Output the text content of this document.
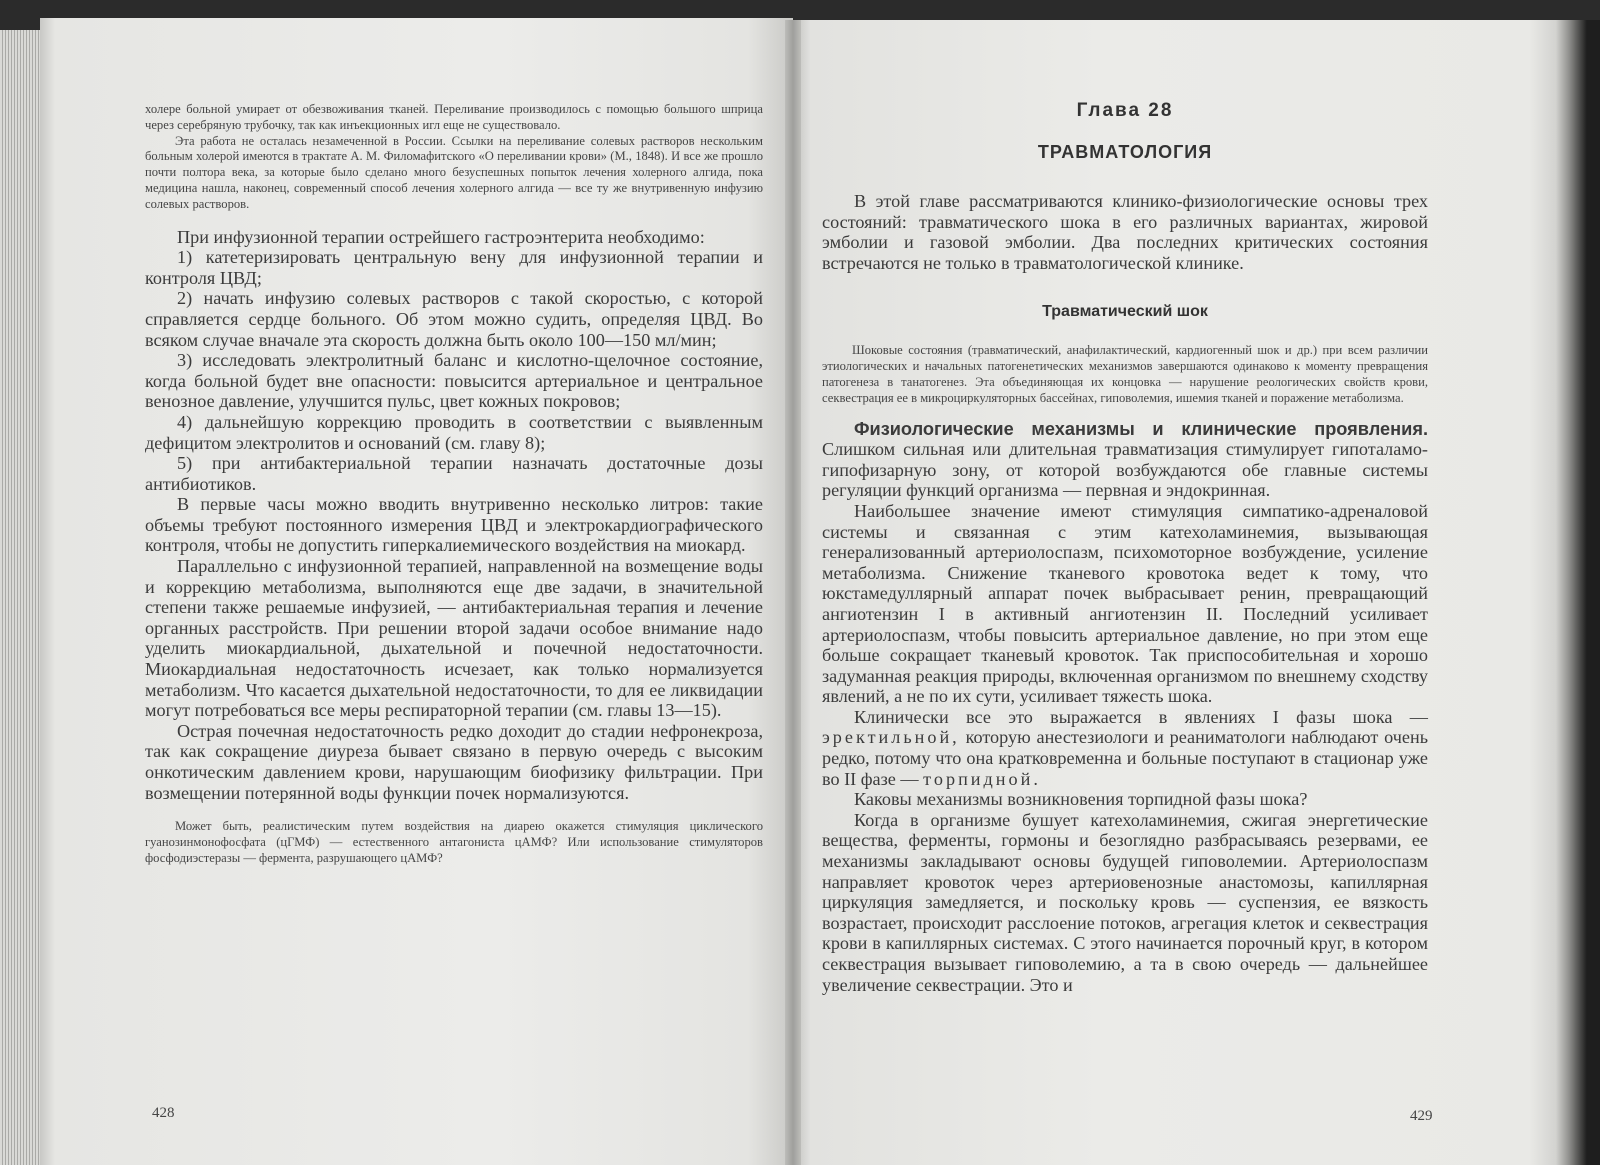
холере больной умирает от обезвоживания тканей. Переливание производилось с помощью большого шприца через серебряную трубочку, так как инъекционных игл еще не существовало.

Эта работа не осталась незамеченной в России. Ссылки на переливание солевых растворов нескольким больным холерой имеются в трактате А. М. Филомафитского «О переливании крови» (М., 1848). И все же прошло почти полтора века, за которые было сделано много безуспешных попыток лечения холерного алгида, пока медицина нашла, наконец, современный способ лечения холерного алгида — все ту же внутривенную инфузию солевых растворов.

При инфузионной терапии острейшего гастроэнтерита необходимо:

1) катетеризировать центральную вену для инфузионной терапии и контроля ЦВД;

2) начать инфузию солевых растворов с такой скоростью, с которой справляется сердце больного. Об этом можно судить, определяя ЦВД. Во всяком случае вначале эта скорость должна быть около 100—150 мл/мин;

3) исследовать электролитный баланс и кислотно-щелочное состояние, когда больной будет вне опасности: повысится артериальное и центральное венозное давление, улучшится пульс, цвет кожных покровов;

4) дальнейшую коррекцию проводить в соответствии с выявленным дефицитом электролитов и оснований (см. главу 8);

5) при антибактериальной терапии назначать достаточные дозы антибиотиков.

В первые часы можно вводить внутривенно несколько литров: такие объемы требуют постоянного измерения ЦВД и электрокардиографического контроля, чтобы не допустить гиперкалиемического воздействия на миокард.

Параллельно с инфузионной терапией, направленной на возмещение воды и коррекцию метаболизма, выполняются еще две задачи, в значительной степени также решаемые инфузией, — антибактериальная терапия и лечение органных расстройств. При решении второй задачи особое внимание надо уделить миокардиальной, дыхательной и почечной недостаточности. Миокардиальная недостаточность исчезает, как только нормализуется метаболизм. Что касается дыхательной недостаточности, то для ее ликвидации могут потребоваться все меры респираторной терапии (см. главы 13—15).

Острая почечная недостаточность редко доходит до стадии нефронекроза, так как сокращение диуреза бывает связано в первую очередь с высоким онкотическим давлением крови, нарушающим биофизику фильтрации. При возмещении потерянной воды функции почек нормализуются.

Может быть, реалистическим путем воздействия на диарею окажется стимуляция циклического гуанозинмонофосфата (цГМФ) — естественного антагониста цАМФ? Или использование стимуляторов фосфодиэстеразы — фермента, разрушающего цАМФ?

428
Глава 28
ТРАВМАТОЛОГИЯ

В этой главе рассматриваются клинико-физиологические основы трех состояний: травматического шока в его различных вариантах, жировой эмболии и газовой эмболии. Два последних критических состояния встречаются не только в травматологической клинике.

Травматический шок

Шоковые состояния (травматический, анафилактический, кардиогенный шок и др.) при всем различии этиологических и начальных патогенетических механизмов завершаются одинаково к моменту превращения патогенеза в танатогенез. Эта объединяющая их концовка — нарушение реологических свойств крови, секвестрация ее в микроциркуляторных бассейнах, гиповолемия, ишемия тканей и поражение метаболизма.

Физиологические механизмы и клинические проявления. Слишком сильная или длительная травматизация стимулирует гипоталамо-гипофизарную зону, от которой возбуждаются обе главные системы регуляции функций организма — первная и эндокринная.

Наибольшее значение имеют стимуляция симпатико-адреналовой системы и связанная с этим катехоламинемия, вызывающая генерализованный артериолоспазм, психомоторное возбуждение, усиление метаболизма. Снижение тканевого кровотока ведет к тому, что юкстамедуллярный аппарат почек выбрасывает ренин, превращающий ангиотензин I в активный ангиотензин II. Последний усиливает артериолоспазм, чтобы повысить артериальное давление, но при этом еще больше сокращает тканевый кровоток. Так приспособительная и хорошо задуманная реакция природы, включенная организмом по внешнему сходству явлений, а не по их сути, усиливает тяжесть шока.

Клинически все это выражается в явлениях I фазы шока — эректильной, которую анестезиологи и реаниматологи наблюдают очень редко, потому что она кратковременна и больные поступают в стационар уже во II фазе — торпидной.

Каковы механизмы возникновения торпидной фазы шока?

Когда в организме бушует катехоламинемия, сжигая энергетические вещества, ферменты, гормоны и безоглядно разбрасываясь резервами, ее механизмы закладывают основы будущей гиповолемии. Артериолоспазм направляет кровоток через артериовенозные анастомозы, капиллярная циркуляция замедляется, и поскольку кровь — суспензия, ее вязкость возрастает, происходит расслоение потоков, агрегация клеток и секвестрация крови в капиллярных системах. С этого начинается порочный круг, в котором секвестрация вызывает гиповолемию, а та в свою очередь — дальнейшее увеличение секвестрации. Это и

429
